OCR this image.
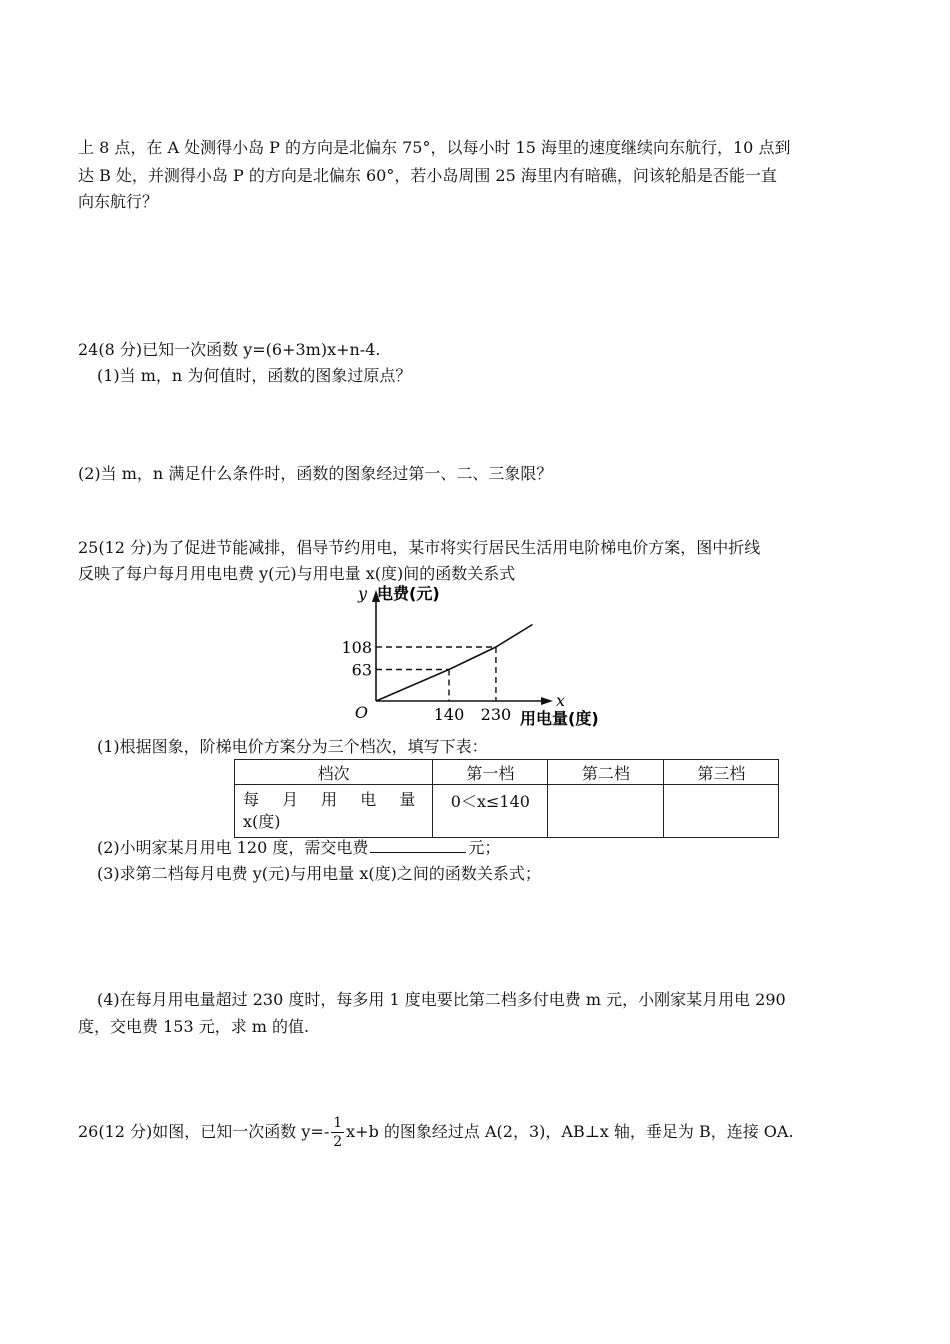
上 8 点，在 A 处测得小岛 P 的方向是北偏东 75°，以每小时 15 海里的速度继续向东航行，10 点到
达 B 处，并测得小岛 P 的方向是北偏东 60°，若小岛周围 25 海里内有暗礁，问该轮船是否能一直
向东航行？
24(8 分)已知一次函数 y=(6+3m)x+n-4.
(1)当 m，n 为何值时，函数的图象过原点？
(2)当 m，n 满足什么条件时，函数的图象经过第一、二、三象限？
25(12 分)为了促进节能减排，倡导节约用电，某市将实行居民生活用电阶梯电价方案，图中折线
反映了每户每月用电电费 y(元)与用电量 x(度)间的函数关系式
140
63
230
108
O
y 电费(元)
x
用电量(度)
(1)根据图象，阶梯电价方案分为三个档次，填写下表：
档次	第一档	第二档	第三档
每 月 用 电 量
x(度)	0＜x≤140		
(2)小明家某月用电 120 度，需交电费	元；
(3)求第二档每月电费 y(元)与用电量 x(度)之间的函数关系式；
(4)在每月用电量超过 230 度时，每多用 1 度电要比第二档多付电费 m 元，小刚家某月用电 290
度，交电费 153 元，求 m 的值.
26(12 分)如图，已知一次函数 $y=- \frac{1}{2} x+b$ 的图象经过点 A(2，3)，AB⊥x 轴，垂足为 B，连接 OA.
